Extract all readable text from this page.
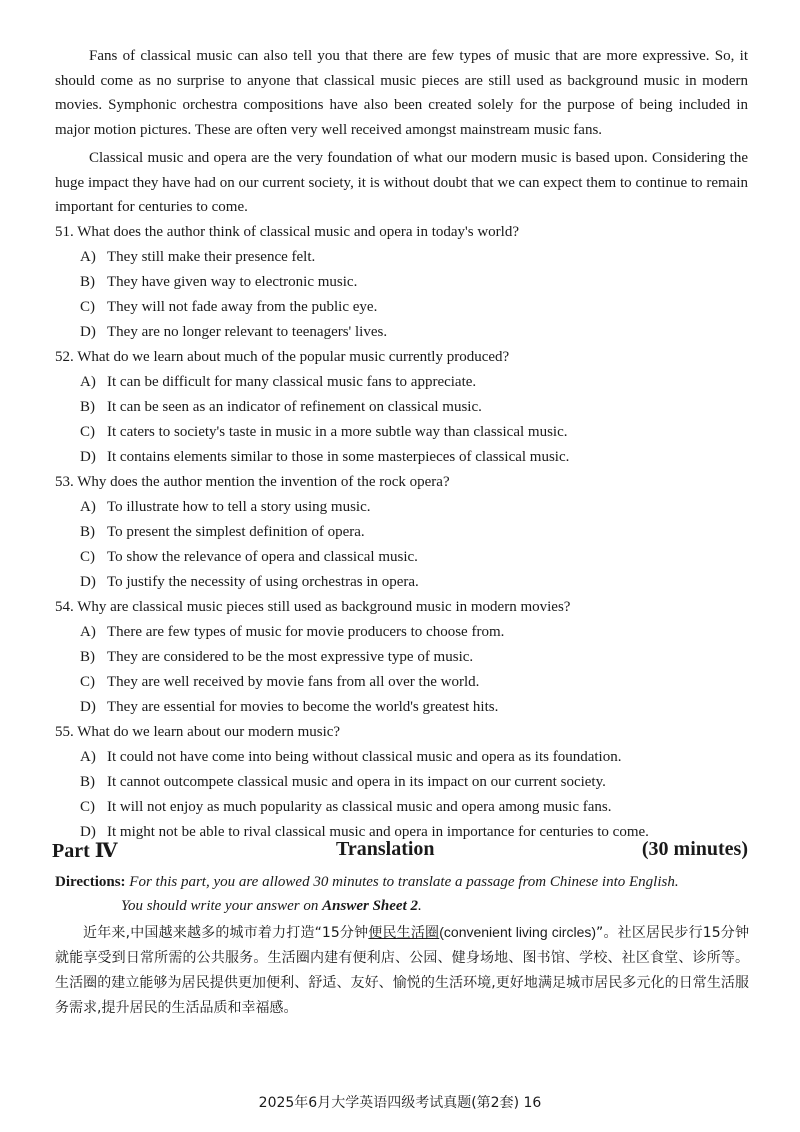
Fans of classical music can also tell you that there are few types of music that are more expressive. So, it should come as no surprise to anyone that classical music pieces are still used as background music in modern movies. Symphonic orchestra compositions have also been created solely for the purpose of being included in major motion pictures. These are often very well received amongst mainstream music fans.

Classical music and opera are the very foundation of what our modern music is based upon. Considering the huge impact they have had on our current society, it is without doubt that we can expect them to continue to remain important for centuries to come.

51. What does the author think of classical music and opera in today's world?
A) They still make their presence felt.
B) They have given way to electronic music.
C) They will not fade away from the public eye.
D) They are no longer relevant to teenagers' lives.
52. What do we learn about much of the popular music currently produced?
A) It can be difficult for many classical music fans to appreciate.
B) It can be seen as an indicator of refinement on classical music.
C) It caters to society's taste in music in a more subtle way than classical music.
D) It contains elements similar to those in some masterpieces of classical music.
53. Why does the author mention the invention of the rock opera?
A) To illustrate how to tell a story using music.
B) To present the simplest definition of opera.
C) To show the relevance of opera and classical music.
D) To justify the necessity of using orchestras in opera.
54. Why are classical music pieces still used as background music in modern movies?
A) There are few types of music for movie producers to choose from.
B) They are considered to be the most expressive type of music.
C) They are well received by movie fans from all over the world.
D) They are essential for movies to become the world's greatest hits.
55. What do we learn about our modern music?
A) It could not have come into being without classical music and opera as its foundation.
B) It cannot outcompete classical music and opera in its impact on our current society.
C) It will not enjoy as much popularity as classical music and opera among music fans.
D) It might not be able to rival classical music and opera in importance for centuries to come.
Part Ⅳ	Translation	(30 minutes)
Directions: For this part, you are allowed 30 minutes to translate a passage from Chinese into English.
You should write your answer on Answer Sheet 2.

近年来,中国越来越多的城市着力打造“15分钟便民生活圈(convenient living circles)”。社区居民步行15分钟就能享受到日常所需的公共服务。生活圈内建有便利店、公园、健身场地、图书馆、学校、社区食堂、诊所等。生活圈的建立能够为居民提供更加便利、舒适、友好、愉悦的生活环境,更好地满足城市居民多元化的日常生活服务需求,提升居民的生活品质和幸福感。

2025年6月大学英语四级考试真题(第2套) 16
